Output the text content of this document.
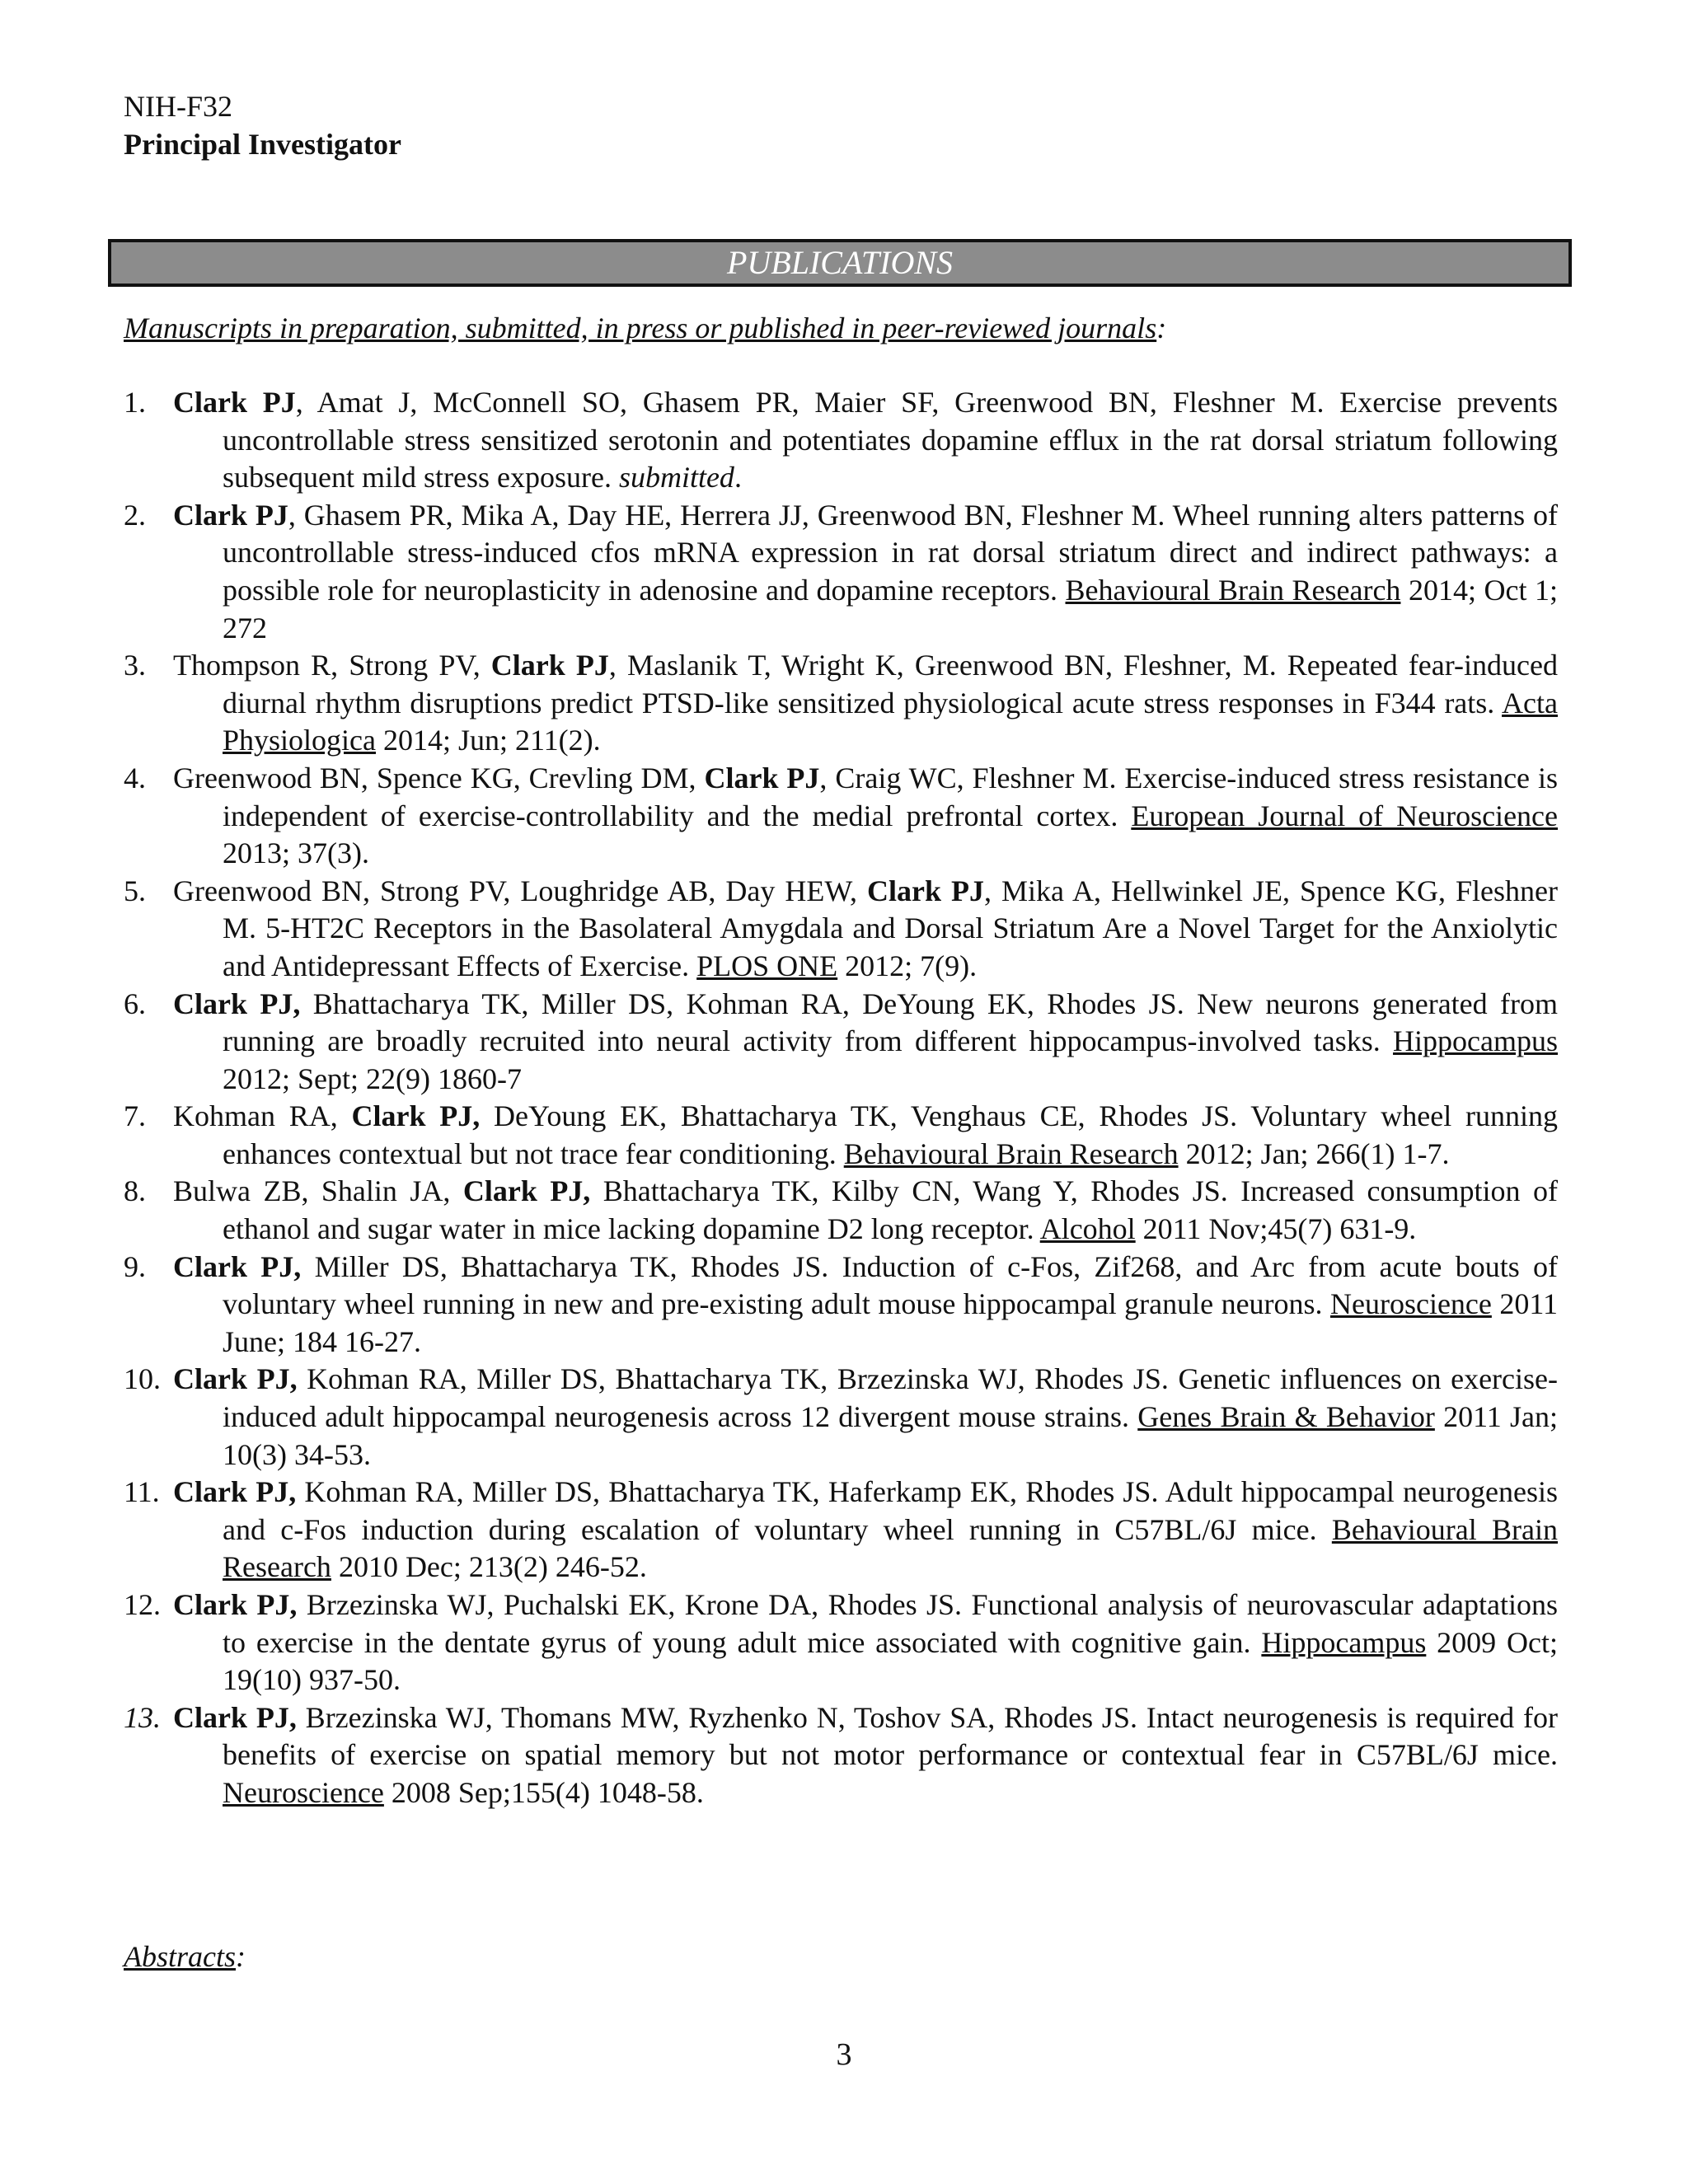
NIH-F32
Principal Investigator
PUBLICATIONS
Manuscripts in preparation, submitted, in press or published in peer-reviewed journals:
1. Clark PJ, Amat J, McConnell SO, Ghasem PR, Maier SF, Greenwood BN, Fleshner M. Exercise prevents uncontrollable stress sensitized serotonin and potentiates dopamine efflux in the rat dorsal striatum following subsequent mild stress exposure. submitted.
2. Clark PJ, Ghasem PR, Mika A, Day HE, Herrera JJ, Greenwood BN, Fleshner M. Wheel running alters patterns of uncontrollable stress-induced cfos mRNA expression in rat dorsal striatum direct and indirect pathways: a possible role for neuroplasticity in adenosine and dopamine receptors. Behavioural Brain Research 2014; Oct 1; 272
3. Thompson R, Strong PV, Clark PJ, Maslanik T, Wright K, Greenwood BN, Fleshner, M. Repeated fear-induced diurnal rhythm disruptions predict PTSD-like sensitized physiological acute stress responses in F344 rats. Acta Physiologica 2014; Jun; 211(2).
4. Greenwood BN, Spence KG, Crevling DM, Clark PJ, Craig WC, Fleshner M. Exercise-induced stress resistance is independent of exercise-controllability and the medial prefrontal cortex. European Journal of Neuroscience 2013; 37(3).
5. Greenwood BN, Strong PV, Loughridge AB, Day HEW, Clark PJ, Mika A, Hellwinkel JE, Spence KG, Fleshner M. 5-HT2C Receptors in the Basolateral Amygdala and Dorsal Striatum Are a Novel Target for the Anxiolytic and Antidepressant Effects of Exercise. PLOS ONE 2012; 7(9).
6. Clark PJ, Bhattacharya TK, Miller DS, Kohman RA, DeYoung EK, Rhodes JS. New neurons generated from running are broadly recruited into neural activity from different hippocampus-involved tasks. Hippocampus 2012; Sept; 22(9) 1860-7
7. Kohman RA, Clark PJ, DeYoung EK, Bhattacharya TK, Venghaus CE, Rhodes JS. Voluntary wheel running enhances contextual but not trace fear conditioning. Behavioural Brain Research 2012; Jan; 266(1) 1-7.
8. Bulwa ZB, Shalin JA, Clark PJ, Bhattacharya TK, Kilby CN, Wang Y, Rhodes JS. Increased consumption of ethanol and sugar water in mice lacking dopamine D2 long receptor. Alcohol 2011 Nov;45(7) 631-9.
9. Clark PJ, Miller DS, Bhattacharya TK, Rhodes JS. Induction of c-Fos, Zif268, and Arc from acute bouts of voluntary wheel running in new and pre-existing adult mouse hippocampal granule neurons. Neuroscience 2011 June; 184 16-27.
10. Clark PJ, Kohman RA, Miller DS, Bhattacharya TK, Brzezinska WJ, Rhodes JS. Genetic influences on exercise-induced adult hippocampal neurogenesis across 12 divergent mouse strains. Genes Brain & Behavior 2011 Jan; 10(3) 34-53.
11. Clark PJ, Kohman RA, Miller DS, Bhattacharya TK, Haferkamp EK, Rhodes JS. Adult hippocampal neurogenesis and c-Fos induction during escalation of voluntary wheel running in C57BL/6J mice. Behavioural Brain Research 2010 Dec; 213(2) 246-52.
12. Clark PJ, Brzezinska WJ, Puchalski EK, Krone DA, Rhodes JS. Functional analysis of neurovascular adaptations to exercise in the dentate gyrus of young adult mice associated with cognitive gain. Hippocampus 2009 Oct; 19(10) 937-50.
13. Clark PJ, Brzezinska WJ, Thomans MW, Ryzhenko N, Toshov SA, Rhodes JS. Intact neurogenesis is required for benefits of exercise on spatial memory but not motor performance or contextual fear in C57BL/6J mice. Neuroscience 2008 Sep;155(4) 1048-58.
Abstracts:
3
